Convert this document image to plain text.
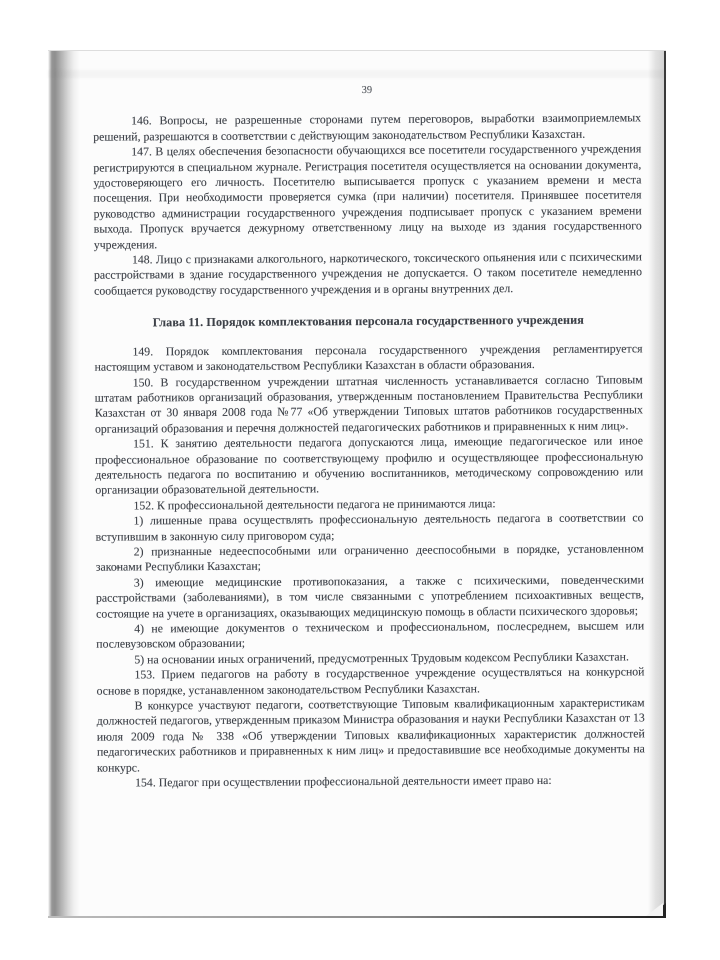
39

146. Вопросы, не разрешенные сторонами путем переговоров, выработки взаимоприемлемых решений, разрешаются в соответствии с действующим законодательством Республики Казахстан.

147. В целях обеспечения безопасности обучающихся все посетители государственного учреждения регистрируются в специальном журнале. Регистрация посетителя осуществляется на основании документа, удостоверяющего его личность. Посетителю выписывается пропуск с указанием времени и места посещения. При необходимости проверяется сумка (при наличии) посетителя. Принявшее посетителя руководство администрации государственного учреждения подписывает пропуск с указанием времени выхода. Пропуск вручается дежурному ответственному лицу на выходе из здания государственного учреждения.

148. Лицо с признаками алкогольного, наркотического, токсического опьянения или с психическими расстройствами в здание государственного учреждения не допускается. О таком посетителе немедленно сообщается руководству государственного учреждения и в органы внутренних дел.

Глава 11. Порядок комплектования персонала государственного учреждения

149. Порядок комплектования персонала государственного учреждения регламентируется настоящим уставом и законодательством Республики Казахстан в области образования.

150. В государственном учреждении штатная численность устанавливается согласно Типовым штатам работников организаций образования, утвержденным постановлением Правительства Республики Казахстан от 30 января 2008 года №77 «Об утверждении Типовых штатов работников государственных организаций образования и перечня должностей педагогических работников и приравненных к ним лиц».

151. К занятию деятельности педагога допускаются лица, имеющие педагогическое или иное профессиональное образование по соответствующему профилю и осуществляющее профессиональную деятельность педагога по воспитанию и обучению воспитанников, методическому сопровождению или организации образовательной деятельности.

152. К профессиональной деятельности педагога не принимаются лица:

1) лишенные права осуществлять профессиональную деятельность педагога в соответствии со вступившим в законную силу приговором суда;

2) признанные недееспособными или ограниченно дееспособными в порядке, установленном законами Республики Казахстан;

3) имеющие медицинские противопоказания, а также с психическими, поведенческими расстройствами (заболеваниями), в том числе связанными с употреблением психоактивных веществ, состоящие на учете в организациях, оказывающих медицинскую помощь в области психического здоровья;

4) не имеющие документов о техническом и профессиональном, послесреднем, высшем или послевузовском образовании;

5) на основании иных ограничений, предусмотренных Трудовым кодексом Республики Казахстан.

153. Прием педагогов на работу в государственное учреждение осуществляться на конкурсной основе в порядке, устанавленном законодательством Республики Казахстан.

В конкурсе участвуют педагоги, соответствующие Типовым квалификационным характеристикам должностей педагогов, утвержденным приказом Министра образования и науки Республики Казахстан от 13 июля 2009 года № 338 «Об утверждении Типовых квалификационных характеристик должностей педагогических работников и приравненных к ним лиц» и предоставившие все необходимые документы на конкурс.

154. Педагог при осуществлении профессиональной деятельности имеет право на:
